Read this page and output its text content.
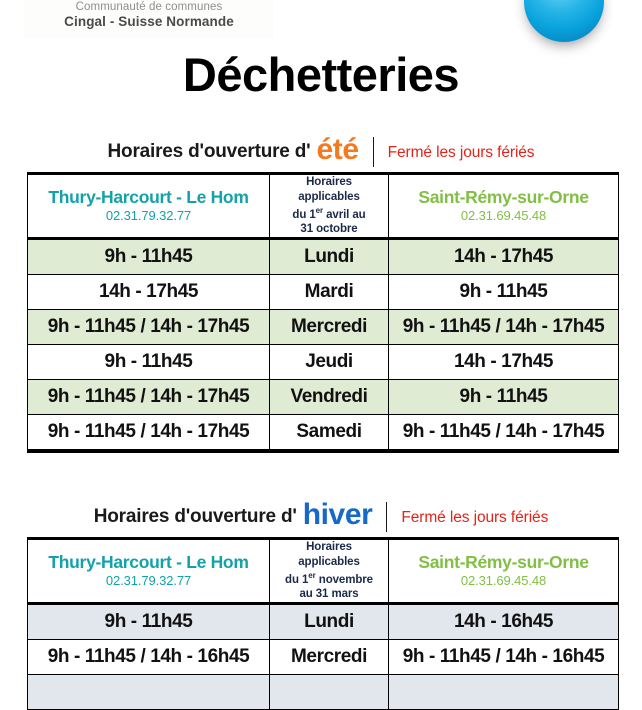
Communauté de communes
Cingal - Suisse Normande
Déchetteries
Horaires d'ouverture d' été Fermé les jours fériés
Thury-Harcourt - Le Hom
02.31.79.32.77

Horaires applicables
du 1er avril au
31 octobre

Saint-Rémy-sur-Orne
02.31.69.45.48

9h - 11h45	Lundi	14h - 17h45
14h - 17h45	Mardi	9h - 11h45
9h - 11h45 / 14h - 17h45	Mercredi	9h - 11h45 / 14h - 17h45
9h - 11h45	Jeudi	14h - 17h45
9h - 11h45 / 14h - 17h45	Vendredi	9h - 11h45
9h - 11h45 / 14h - 17h45	Samedi	9h - 11h45 / 14h - 17h45
Horaires d'ouverture d' hiver Fermé les jours fériés
Thury-Harcourt - Le Hom
02.31.79.32.77

Horaires applicables
du 1er novembre
au 31 mars

Saint-Rémy-sur-Orne
02.31.69.45.48

9h - 11h45	Lundi	14h - 16h45
9h - 11h45 / 14h - 16h45	Mercredi	9h - 11h45 / 14h - 16h45
